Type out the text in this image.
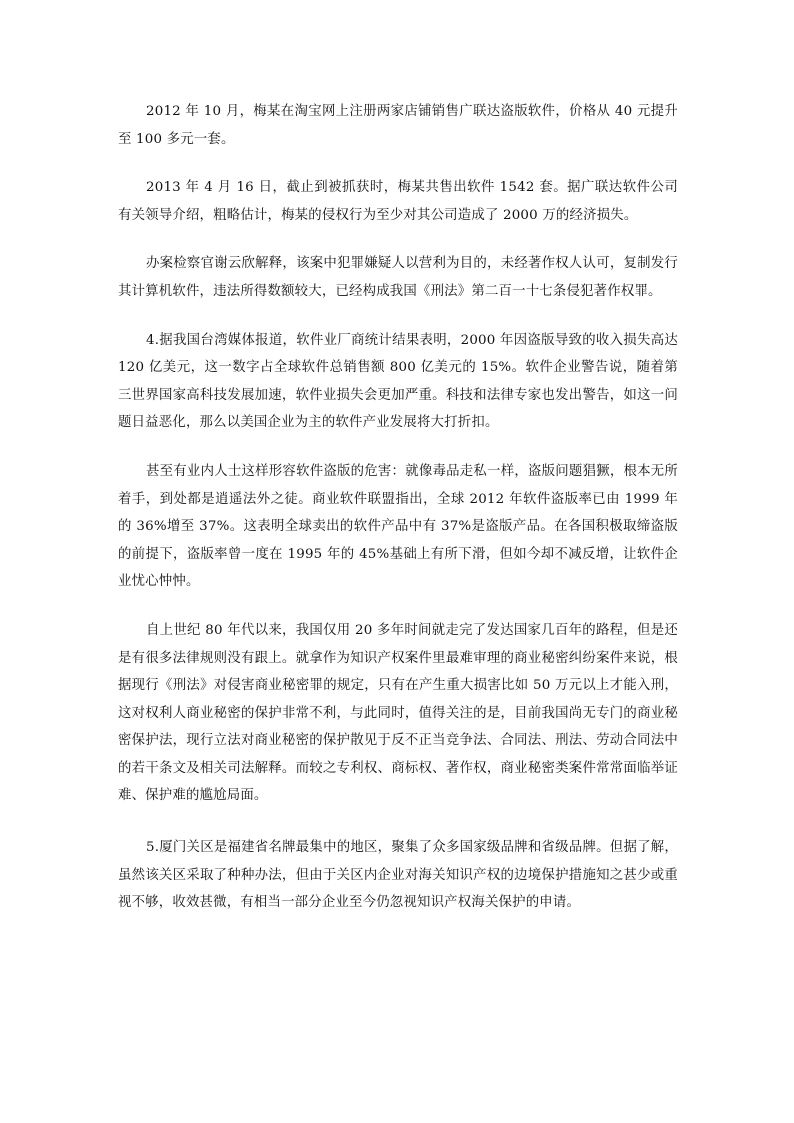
2012 年 10 月，梅某在淘宝网上注册两家店铺销售广联达盗版软件，价格从 40 元提升至 100 多元一套。

2013 年 4 月 16 日，截止到被抓获时，梅某共售出软件 1542 套。据广联达软件公司有关领导介绍，粗略估计，梅某的侵权行为至少对其公司造成了 2000 万的经济损失。

办案检察官谢云欣解释，该案中犯罪嫌疑人以营利为目的，未经著作权人认可，复制发行其计算机软件，违法所得数额较大，已经构成我国《刑法》第二百一十七条侵犯著作权罪。

4.据我国台湾媒体报道，软件业厂商统计结果表明，2000 年因盗版导致的收入损失高达 120 亿美元，这一数字占全球软件总销售额 800 亿美元的 15%。软件企业警告说，随着第三世界国家高科技发展加速，软件业损失会更加严重。科技和法律专家也发出警告，如这一问题日益恶化，那么以美国企业为主的软件产业发展将大打折扣。

甚至有业内人士这样形容软件盗版的危害：就像毒品走私一样，盗版问题猖獗，根本无所着手，到处都是逍遥法外之徒。商业软件联盟指出，全球 2012 年软件盗版率已由 1999 年的 36%增至 37%。这表明全球卖出的软件产品中有 37%是盗版产品。在各国积极取缔盗版的前提下，盗版率曾一度在 1995 年的 45%基础上有所下滑，但如今却不减反增，让软件企业忧心忡忡。

自上世纪 80 年代以来，我国仅用 20 多年时间就走完了发达国家几百年的路程，但是还是有很多法律规则没有跟上。就拿作为知识产权案件里最难审理的商业秘密纠纷案件来说，根据现行《刑法》对侵害商业秘密罪的规定，只有在产生重大损害比如 50 万元以上才能入刑，这对权利人商业秘密的保护非常不利，与此同时，值得关注的是，目前我国尚无专门的商业秘密保护法，现行立法对商业秘密的保护散见于反不正当竞争法、合同法、刑法、劳动合同法中的若干条文及相关司法解释。而较之专利权、商标权、著作权，商业秘密类案件常常面临举证难、保护难的尴尬局面。

5.厦门关区是福建省名牌最集中的地区，聚集了众多国家级品牌和省级品牌。但据了解，虽然该关区采取了种种办法，但由于关区内企业对海关知识产权的边境保护措施知之甚少或重视不够，收效甚微，有相当一部分企业至今仍忽视知识产权海关保护的申请。
